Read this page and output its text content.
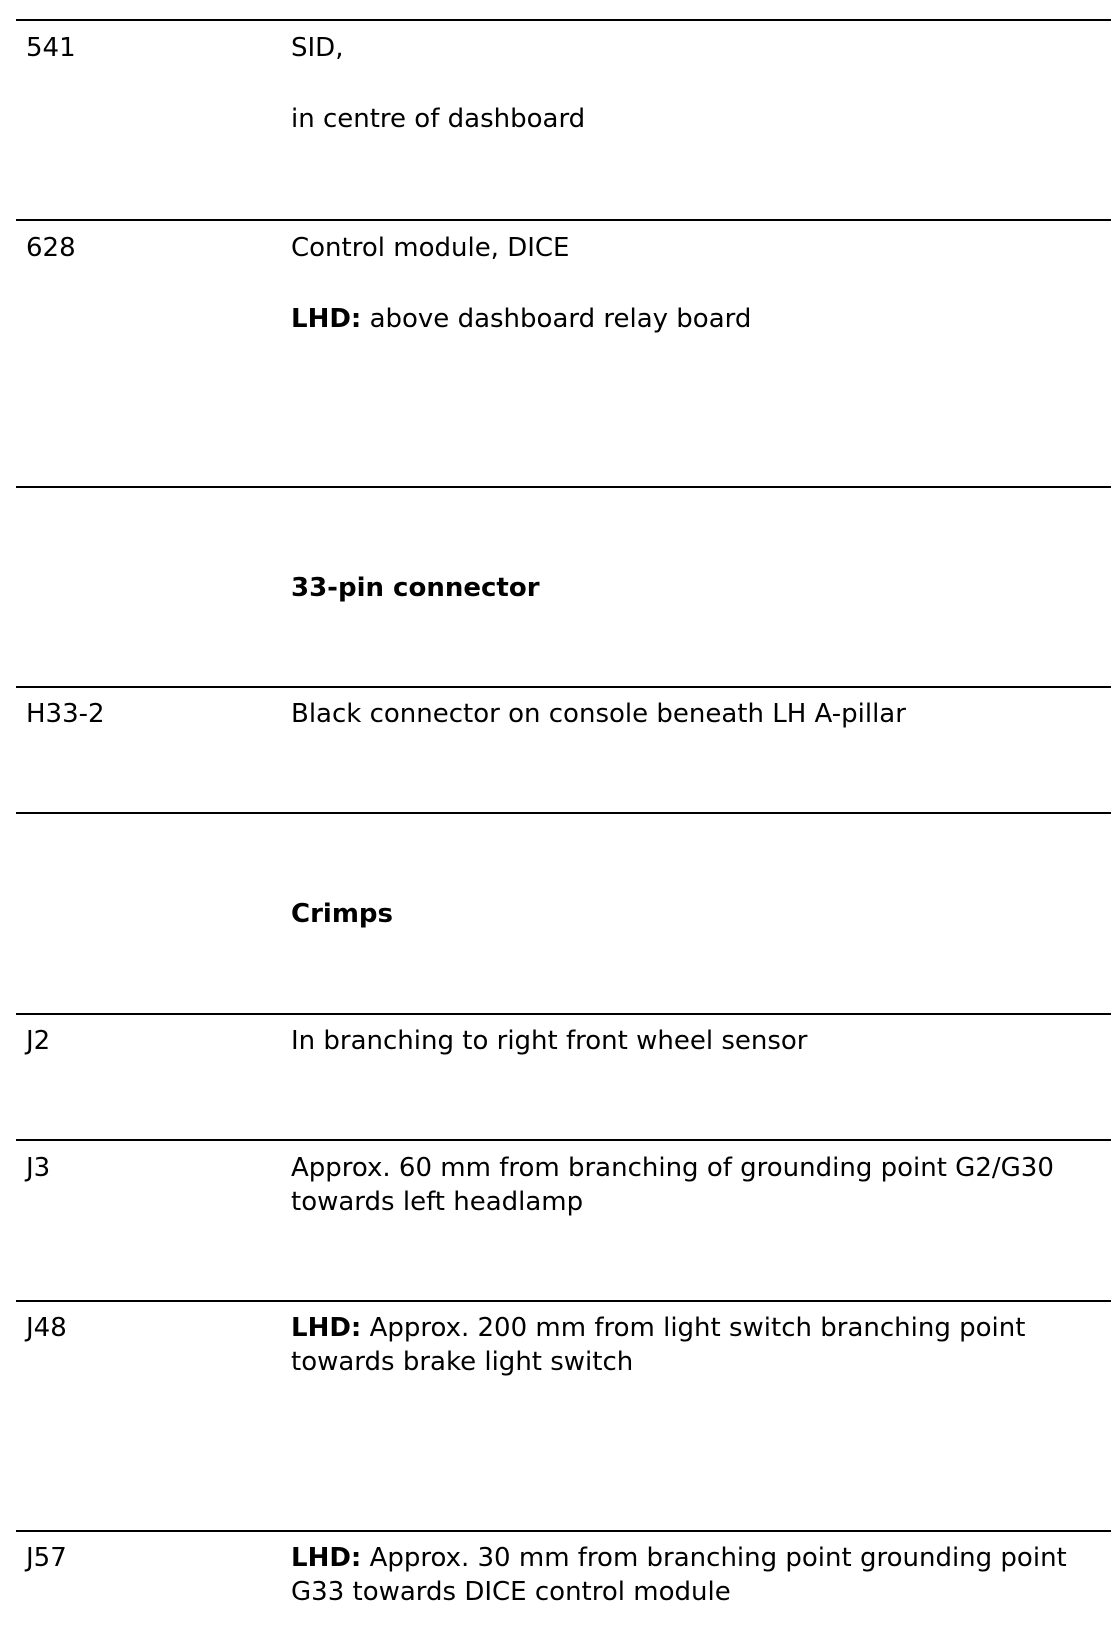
541	SID,

in centre of dashboard

628	Control module, DICE

LHD: above dashboard relay board

33-pin connector
H33-2	Black connector on console beneath LH A-pillar
Crimps
J2	In branching to right front wheel sensor
J3	Approx. 60 mm from branching of grounding point G2/G30 towards left headlamp
J48	LHD: Approx. 200 mm from light switch branching point towards brake light switch
J57	LHD: Approx. 30 mm from branching point grounding point G33 towards DICE control module
